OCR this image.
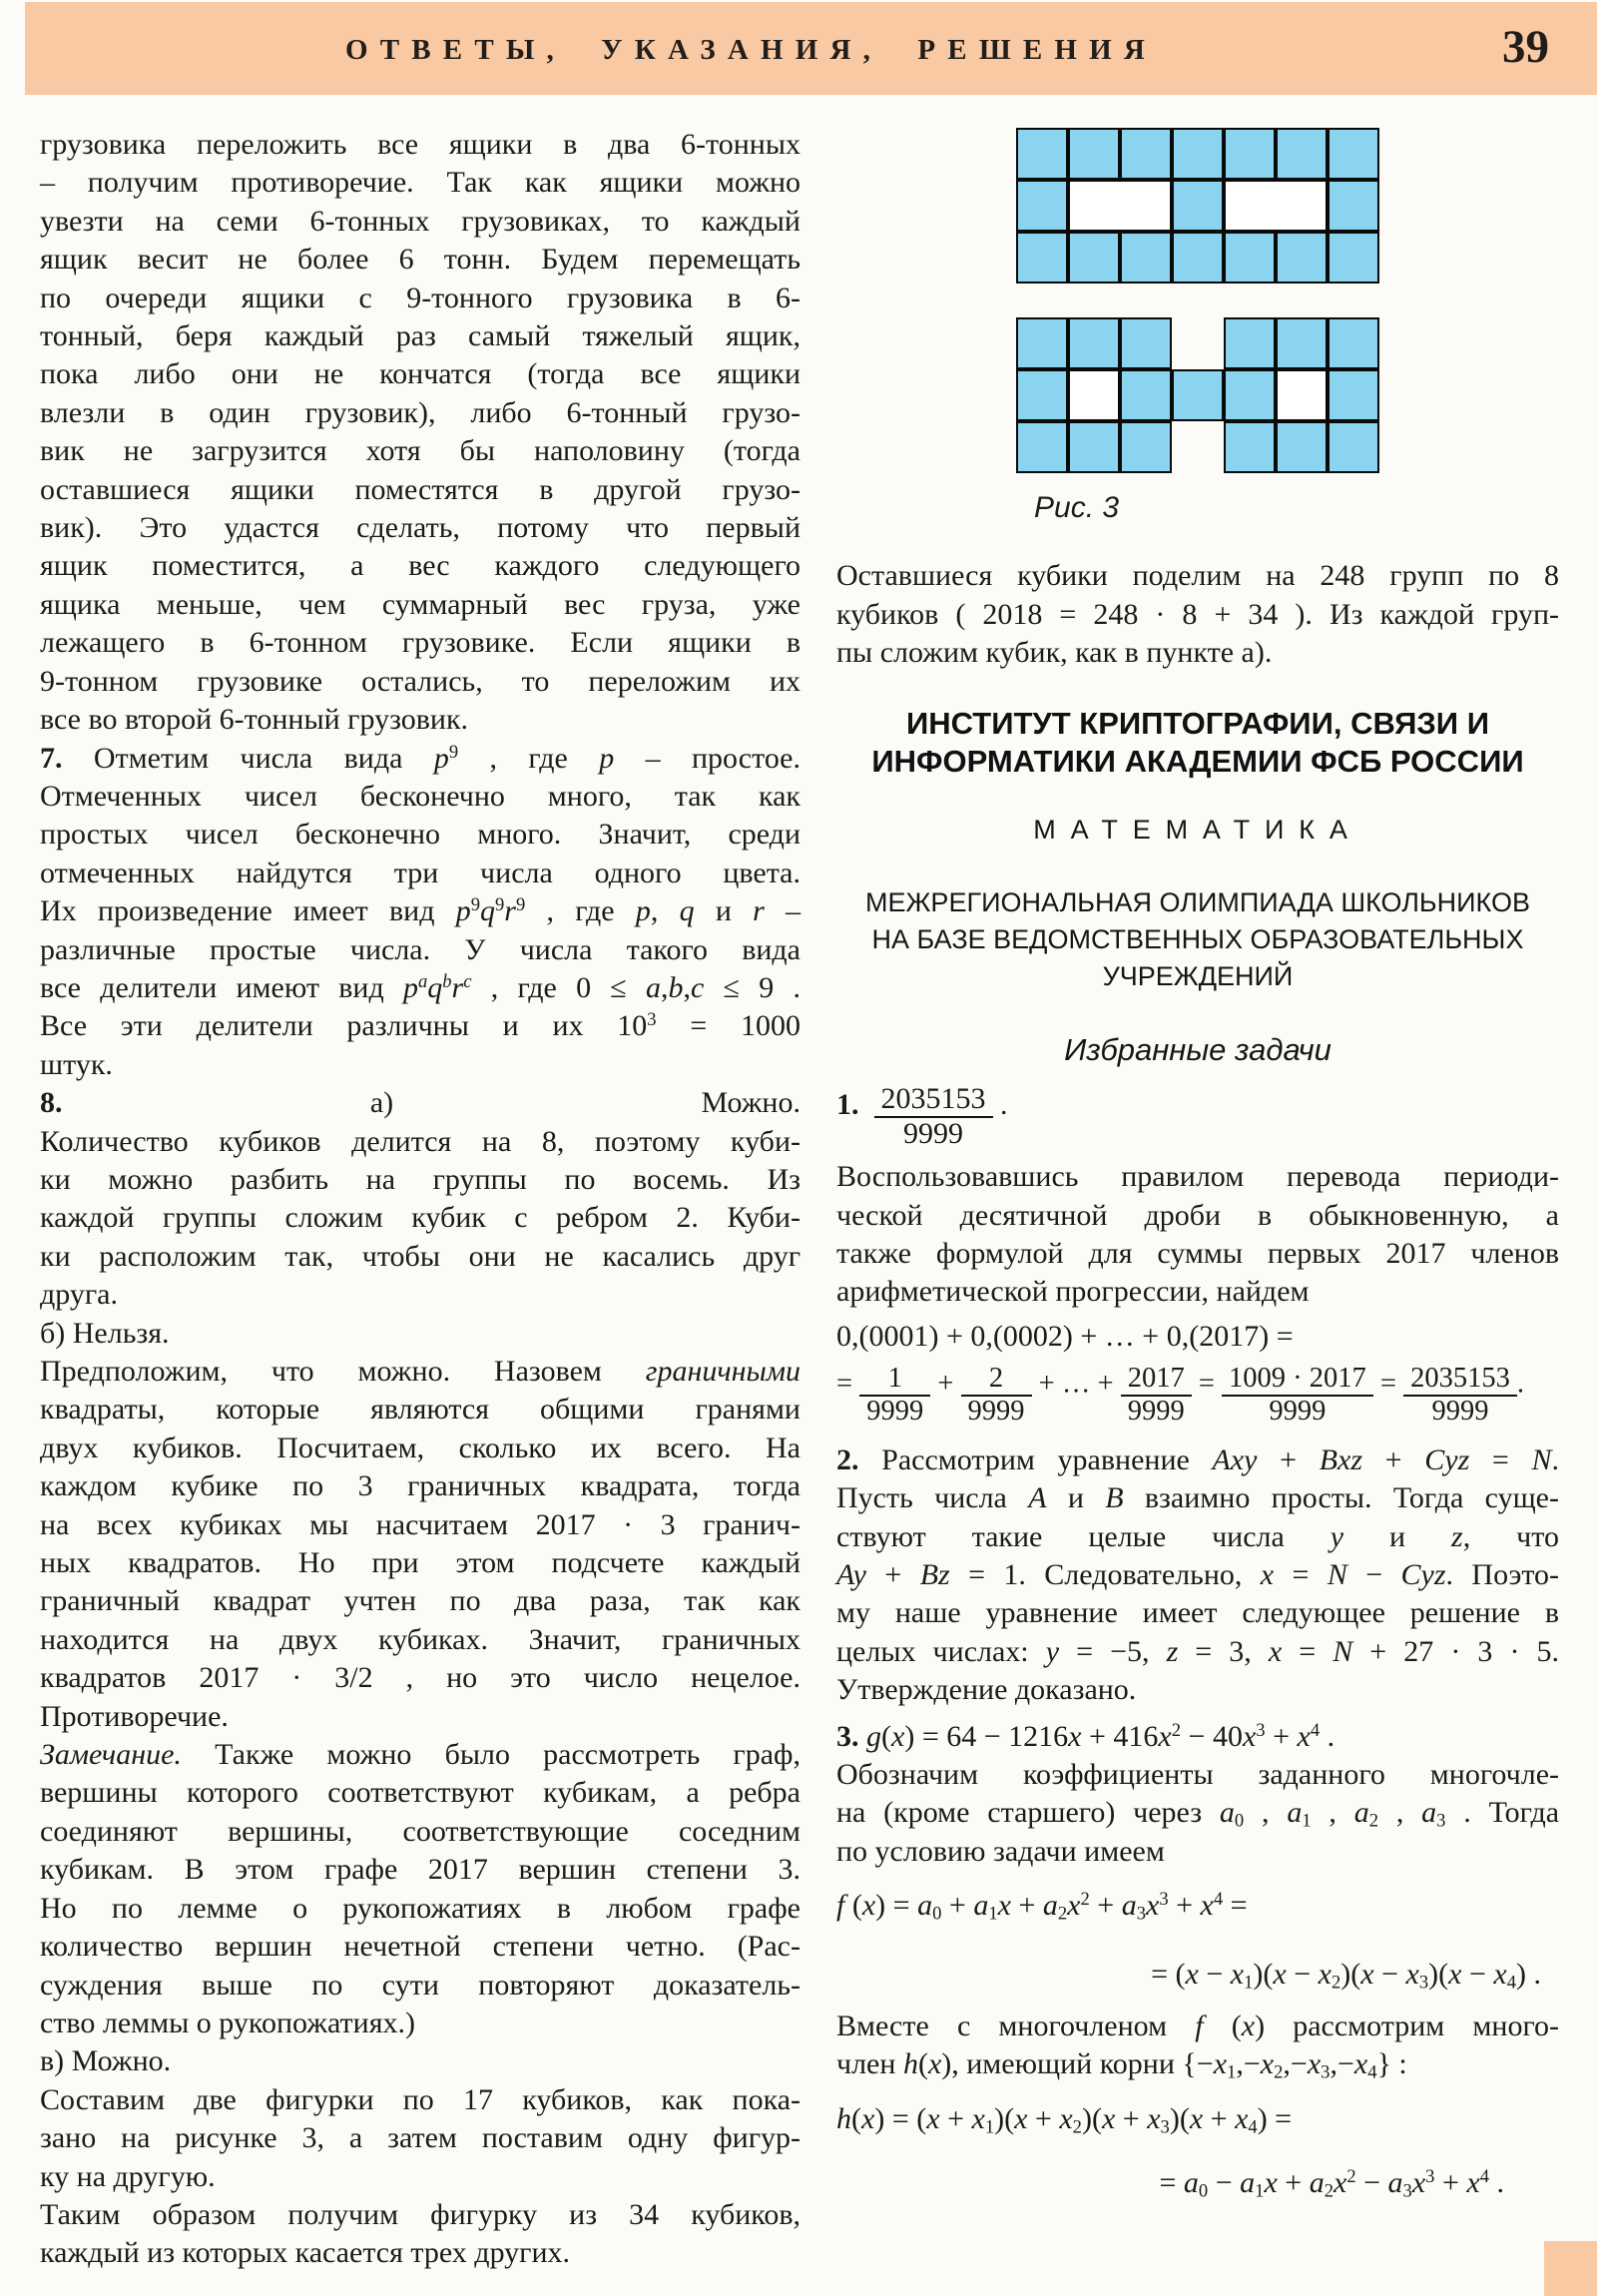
ОТВЕТЫ, УКАЗАНИЯ, РЕШЕНИЯ	39
грузовика переложить все ящики в два 6-тонных
– получим противоречие. Так как ящики можно
увезти на семи 6-тонных грузовиках, то каждый
ящик весит не более 6 тонн. Будем перемещать
по очереди ящики с 9-тонного грузовика в 6-
тонный, беря каждый раз самый тяжелый ящик,
пока либо они не кончатся (тогда все ящики
влезли в один грузовик), либо 6-тонный грузо-
вик не загрузится хотя бы наполовину (тогда
оставшиеся ящики поместятся в другой грузо-
вик). Это удастся сделать, потому что первый
ящик поместится, а вес каждого следующего
ящика меньше, чем суммарный вес груза, уже
лежащего в 6-тонном грузовике. Если ящики в
9-тонном грузовике остались, то переложим их
все во второй 6-тонный грузовик.
7. Отметим числа вида $p^9$ , где p – простое.
Отмеченных чисел бесконечно много, так как
простых чисел бесконечно много. Значит, среди
отмеченных найдутся три числа одного цвета.
Их произведение имеет вид $p^9q^9r^9$ , где p, q и r –
различные простые числа. У числа такого вида
все делители имеют вид $p^aq^br^c$ , где 0 ≤ a,b,c ≤ 9 .
Все эти делители различны и их $10^3 = 1000$
штук.
8. а) Можно.
Количество кубиков делится на 8, поэтому куби-
ки можно разбить на группы по восемь. Из
каждой группы сложим кубик с ребром 2. Куби-
ки расположим так, чтобы они не касались друг
друга.
б) Нельзя.
Предположим, что можно. Назовем граничными
квадраты, которые являются общими гранями
двух кубиков. Посчитаем, сколько их всего. На
каждом кубике по 3 граничных квадрата, тогда
на всех кубиках мы насчитаем 2017 · 3 гранич-
ных квадратов. Но при этом подсчете каждый
граничный квадрат учтен по два раза, так как
находится на двух кубиках. Значит, граничных
квадратов 2017 · 3/2 , но это число нецелое.
Противоречие.
Замечание. Также можно было рассмотреть граф,
вершины которого соответствуют кубикам, а ребра
соединяют вершины, соответствующие соседним
кубикам. В этом графе 2017 вершин степени 3.
Но по лемме о рукопожатиях в любом графе
количество вершин нечетной степени четно. (Рас-
суждения выше по сути повторяют доказатель-
ство леммы о рукопожатиях.)
в) Можно.
Составим две фигурки по 17 кубиков, как пока-
зано на рисунке 3, а затем поставим одну фигур-
ку на другую.
Таким образом получим фигурку из 34 кубиков,
каждый из которых касается трех других.
Рис. 3
Оставшиеся кубики поделим на 248 групп по 8
кубиков ( 2018 = 248 · 8 + 34 ). Из каждой груп-
пы сложим кубик, как в пункте а).
ИНСТИТУТ КРИПТОГРАФИИ, СВЯЗИ И
ИНФОРМАТИКИ АКАДЕМИИ ФСБ РОССИИ
МАТЕМАТИКА
МЕЖРЕГИОНАЛЬНАЯ ОЛИМПИАДА ШКОЛЬНИКОВ
НА БАЗЕ ВЕДОМСТВЕННЫХ ОБРАЗОВАТЕЛЬНЫХ
УЧРЕЖДЕНИЙ
Избранные задачи
1. $\frac{2035153}{9999}$ .
Воспользовавшись правилом перевода периоди-
ческой десятичной дроби в обыкновенную, а
также формулой для суммы первых 2017 членов
арифметической прогрессии, найдем
0,(0001) + 0,(0002) + … + 0,(2017) =
= $\frac{1}{9999} + \frac{2}{9999}$ + … + $\frac{2017}{9999} = \frac{1009 \cdot 2017}{9999} = \frac{2035153}{9999}$ .
2. Рассмотрим уравнение Axy + Bxz + Cyz = N.
Пусть числа A и B взаимно просты. Тогда суще-
ствуют такие целые числа y и z, что
Ay + Bz = 1. Следовательно, x = N − Cyz. Поэто-
му наше уравнение имеет следующее решение в
целых числах: y = −5, z = 3, x = N + 27 · 3 · 5.
Утверждение доказано.
3. $g(x) = 64 - 1216x + 416x^2 - 40x^3 + x^4$ .
Обозначим коэффициенты заданного многочле-
на (кроме старшего) через $a_0$ , $a_1$ , $a_2$ , $a_3$ . Тогда
по условию задачи имеем
f $(x) = a_0 + a_1x + a_2x^2 + a_3x^3 + x^4$ =
= $(x - x_1)(x - x_2)(x - x_3)(x - x_4)$ .
Вместе с многочленом f (x) рассмотрим много-
член h(x), имеющий корни $\{-x_1,-x_2,-x_3,-x_4\}$ :
$h(x) = (x + x_1)(x + x_2)(x + x_3)(x + x_4)$ =
= $a_0 - a_1x + a_2x^2 - a_3x^3 + x^4$ .
